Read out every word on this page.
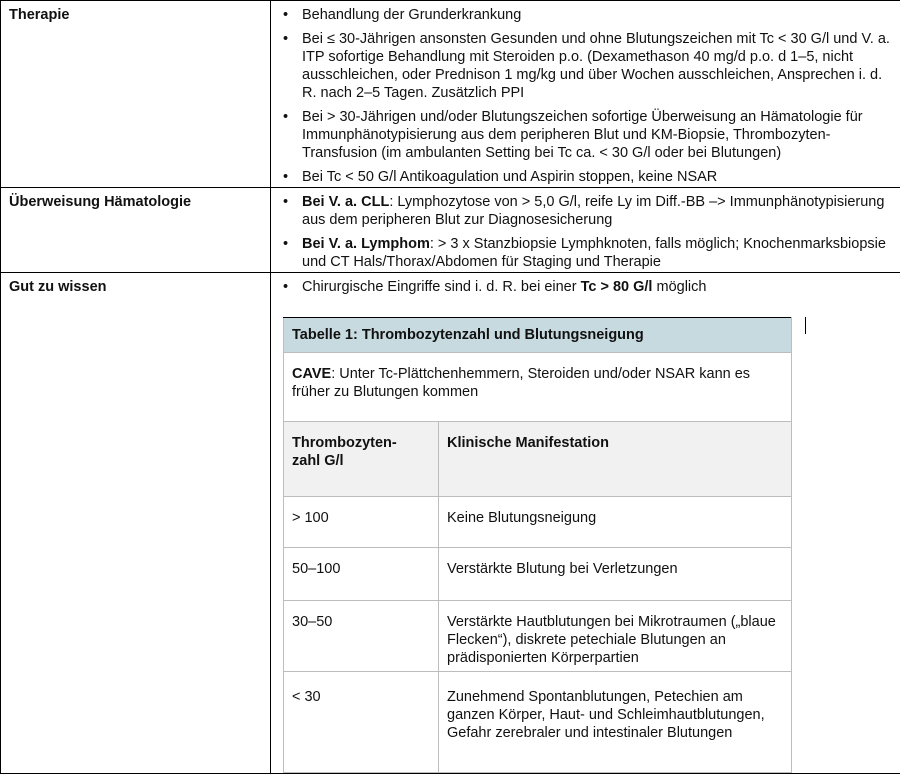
Therapie	
•Behandlung der Grunderkrankung
• Bei ≤ 30-Jährigen ansonsten Gesunden und ohne Blutungszeichen mit Tc < 30 G/l und V. a. ITP sofortige Behandlung mit Steroiden p.o. (Dexamethason 40 mg/d p.o. d 1–5, nicht ausschleichen, oder Prednison 1 mg/kg und über Wochen ausschleichen, Ansprechen i. d. R. nach 2–5 Tagen. Zusätzlich PPI
• Bei > 30-Jährigen und/oder Blutungszeichen sofortige Überweisung an Hämatologie für Immunphänotypisierung aus dem peripheren Blut und KM-Biopsie, Thrombozyten-Transfusion (im ambulanten Setting bei Tc ca. < 30 G/l oder bei Blutungen)
• Bei Tc < 50 G/l Antikoagulation und Aspirin stoppen, keine NSAR

Überweisung Hämatologie	
•Bei V. a. CLL: Lymphozytose von > 5,0 G/l, reife Ly im Diff.-BB –> Immunphänotypisierung aus dem peripheren Blut zur Diagnosesicherung
• Bei V. a. Lymphom: > 3 x Stanzbiopsie Lymphknoten, falls möglich; Knochenmarksbiopsie und CT Hals/Thorax/Abdomen für Staging und Therapie

Gut zu wissen	
•Chirurgische Eingriffe sind i. d. R. bei einer Tc > 80 G/l möglich
Tabelle 1: Thrombozytenzahl und Blutungsneigung
CAVE: Unter Tc-Plättchenhemmern, Steroiden und/oder NSAR kann es früher zu Blutungen kommen
Thrombozyten-zahl G/l	Klinische Manifestation
> 100	Keine Blutungsneigung
50–100	Verstärkte Blutung bei Verletzungen
30–50	Verstärkte Hautblutungen bei Mikrotraumen („blaue Flecken“), diskrete petechiale Blutungen an prädisponierten Körperpartien
< 30	Zunehmend Spontanblutungen, Petechien am ganzen Körper, Haut- und Schleimhautblutungen, Gefahr zerebraler und intestinaler Blutungen
